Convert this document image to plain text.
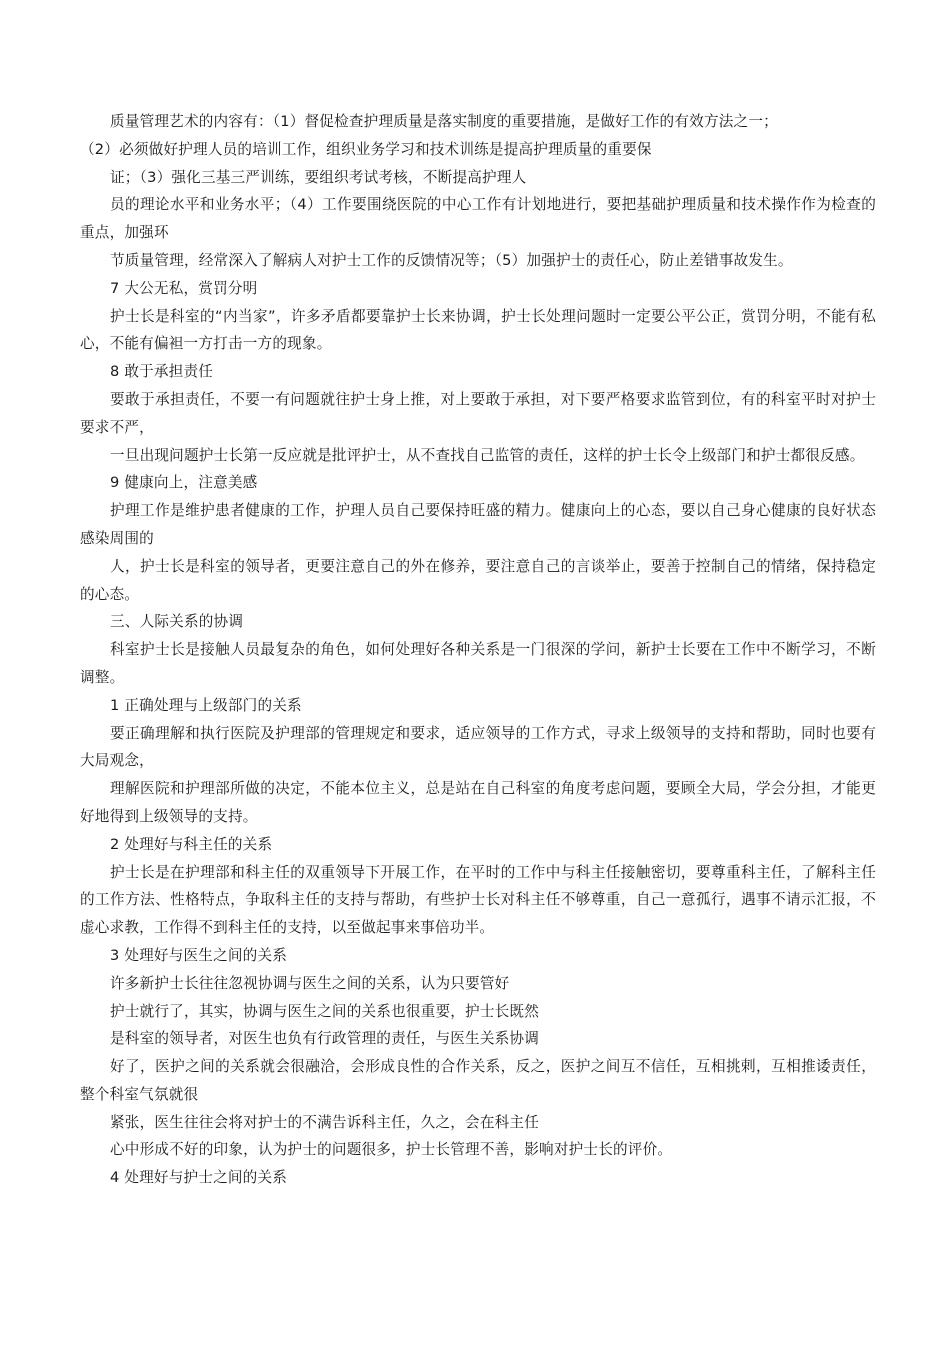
质量管理艺术的内容有：（1）督促检查护理质量是落实制度的重要措施，是做好工作的有效方法之一；

（2）必须做好护理人员的培训工作，组织业务学习和技术训练是提高护理质量的重要保

证；（3）强化三基三严训练，要组织考试考核，不断提高护理人

员的理论水平和业务水平；（4）工作要围绕医院的中心工作有计划地进行，要把基础护理质量和技术操作作为检查的重点，加强环

节质量管理，经常深入了解病人对护士工作的反馈情况等；（5）加强护士的责任心，防止差错事故发生。

7 大公无私，赏罚分明

护士长是科室的“内当家”，许多矛盾都要靠护士长来协调，护士长处理问题时一定要公平公正，赏罚分明，不能有私心，不能有偏袒一方打击一方的现象。

8 敢于承担责任

要敢于承担责任，不要一有问题就往护士身上推，对上要敢于承担，对下要严格要求监管到位，有的科室平时对护士要求不严，

一旦出现问题护士长第一反应就是批评护士，从不查找自己监管的责任，这样的护士长令上级部门和护士都很反感。

9 健康向上，注意美感

护理工作是维护患者健康的工作，护理人员自己要保持旺盛的精力。健康向上的心态，要以自己身心健康的良好状态感染周围的

人，护士长是科室的领导者，更要注意自己的外在修养，要注意自己的言谈举止，要善于控制自己的情绪，保持稳定的心态。

三、人际关系的协调

科室护士长是接触人员最复杂的角色，如何处理好各种关系是一门很深的学问，新护士长要在工作中不断学习，不断调整。

1 正确处理与上级部门的关系

要正确理解和执行医院及护理部的管理规定和要求，适应领导的工作方式，寻求上级领导的支持和帮助，同时也要有大局观念，

理解医院和护理部所做的决定，不能本位主义，总是站在自己科室的角度考虑问题，要顾全大局，学会分担，才能更好地得到上级领导的支持。

2 处理好与科主任的关系

护士长是在护理部和科主任的双重领导下开展工作，在平时的工作中与科主任接触密切，要尊重科主任，了解科主任的工作方法、性格特点，争取科主任的支持与帮助，有些护士长对科主任不够尊重，自己一意孤行，遇事不请示汇报，不虚心求教，工作得不到科主任的支持，以至做起事来事倍功半。

3 处理好与医生之间的关系

许多新护士长往往忽视协调与医生之间的关系，认为只要管好

护士就行了，其实，协调与医生之间的关系也很重要，护士长既然

是科室的领导者，对医生也负有行政管理的责任，与医生关系协调

好了，医护之间的关系就会很融洽，会形成良性的合作关系，反之，医护之间互不信任，互相挑剌，互相推诿责任，整个科室气氛就很

紧张，医生往往会将对护士的不满告诉科主任，久之，会在科主任

心中形成不好的印象，认为护士的问题很多，护士长管理不善，影响对护士长的评价。

4 处理好与护士之间的关系
